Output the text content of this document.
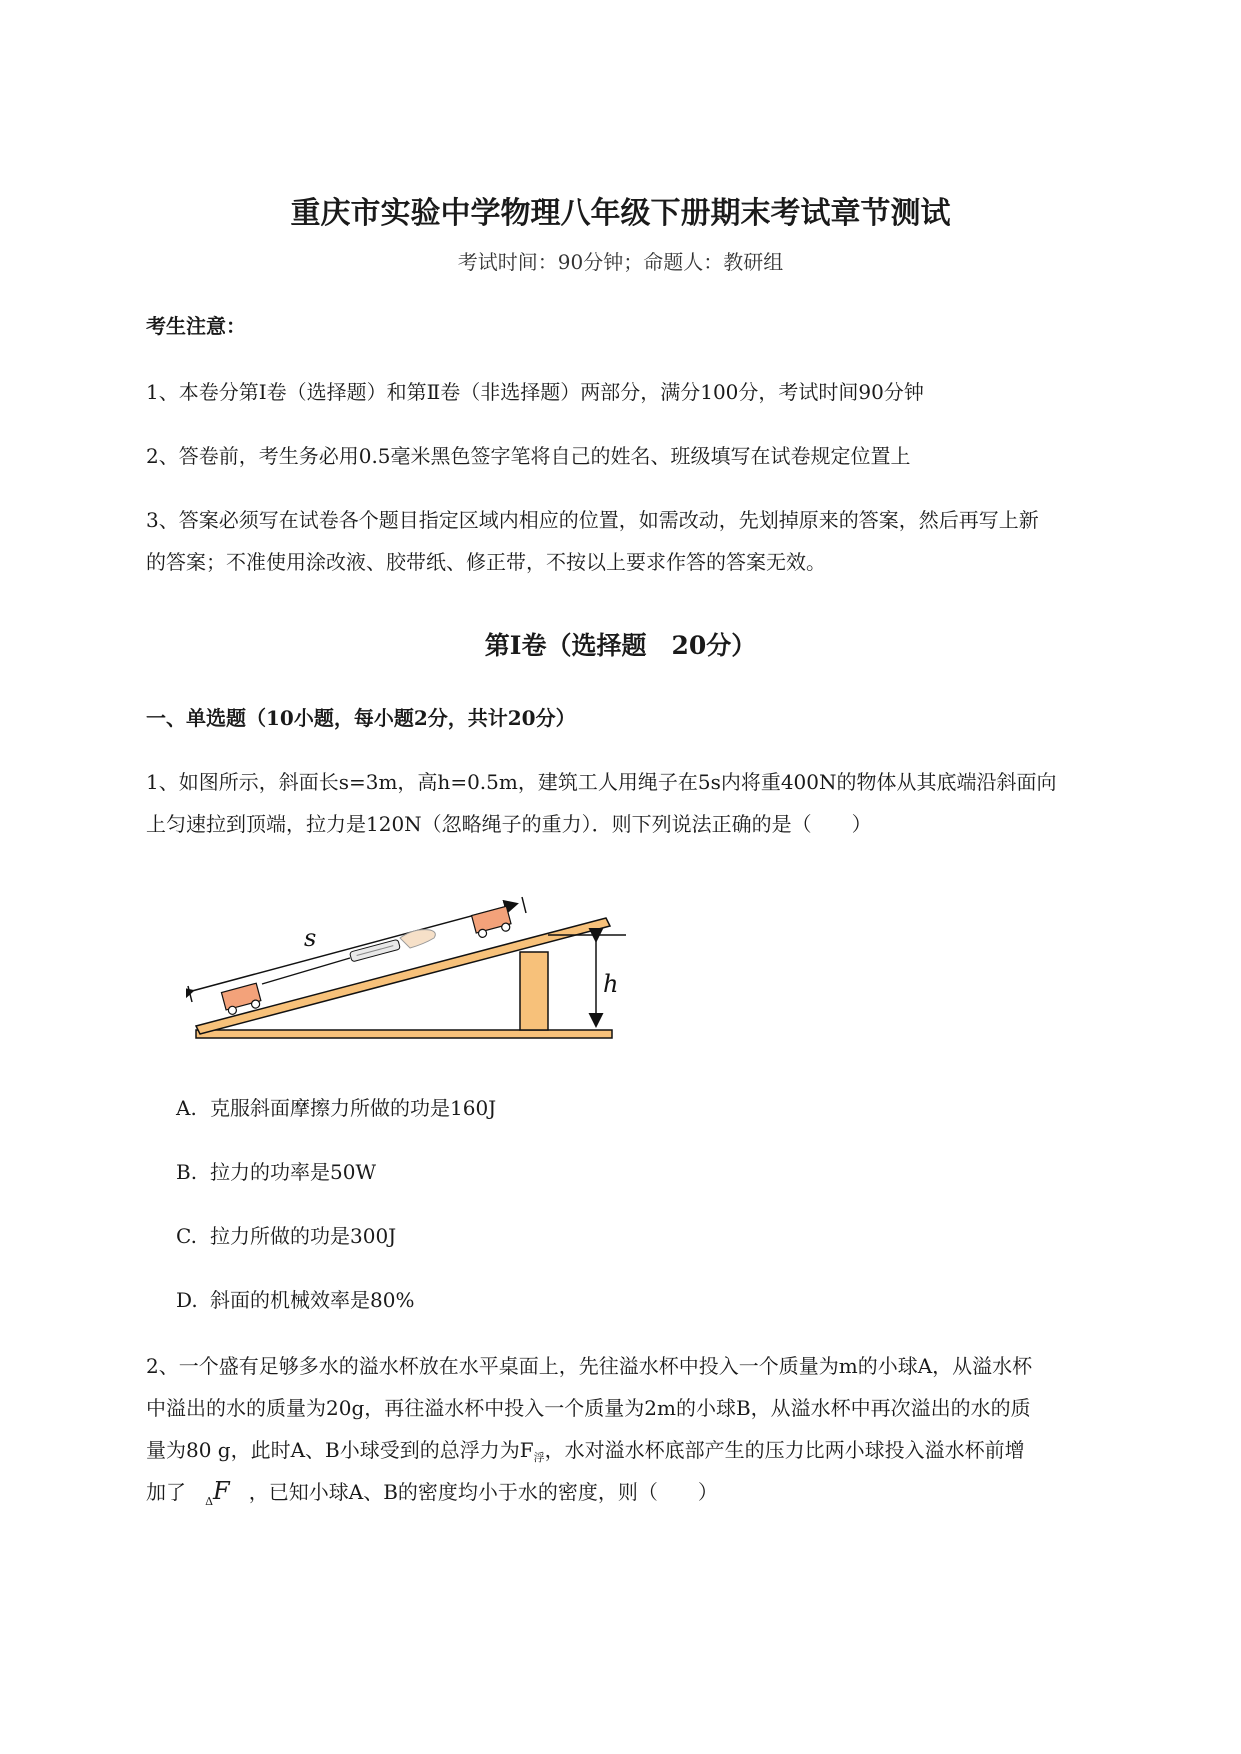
重庆市实验中学物理八年级下册期末考试章节测试
考试时间：90分钟；命题人：教研组
考生注意：
1、本卷分第Ⅰ卷（选择题）和第Ⅱ卷（非选择题）两部分，满分100分，考试时间90分钟
2、答卷前，考生务必用0.5毫米黑色签字笔将自己的姓名、班级填写在试卷规定位置上
3、答案必须写在试卷各个题目指定区域内相应的位置，如需改动，先划掉原来的答案，然后再写上新
的答案；不准使用涂改液、胶带纸、修正带，不按以上要求作答的答案无效。
第Ⅰ卷（选择题　20分）
一、单选题（10小题，每小题2分，共计20分）
1、如图所示，斜面长s=3m，高h=0.5m，建筑工人用绳子在5s内将重400N的物体从其底端沿斜面向
上匀速拉到顶端，拉力是120N（忽略绳子的重力）．则下列说法正确的是（　　）
h
s
A. 克服斜面摩擦力所做的功是160J
B. 拉力的功率是50W
C. 拉力所做的功是300J
D. 斜面的机械效率是80%
2、一个盛有足够多水的溢水杯放在水平桌面上，先往溢水杯中投入一个质量为m的小球A，从溢水杯
中溢出的水的质量为20g，再往溢水杯中投入一个质量为2m的小球B，从溢水杯中再次溢出的水的质
量为80 g，此时A、B小球受到的总浮力为$F_浮$，水对溢水杯底部产生的压力比两小球投入溢水杯前增
加了 $_\Delta$F ，已知小球A、B的密度均小于水的密度，则（　　）
